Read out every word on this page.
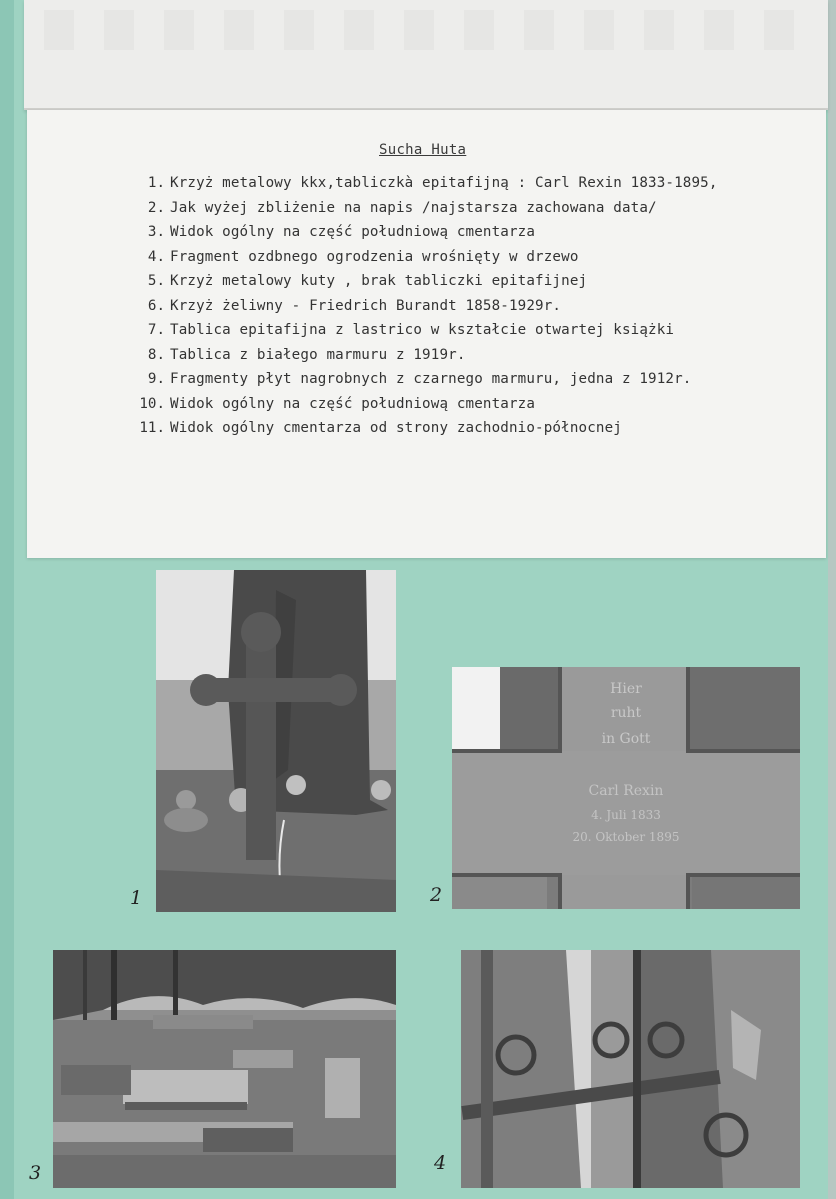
Sucha Huta
1. Krzyż metalowy kkx,tabliczkà epitafijną : Carl Rexin 1833-1895,
2. Jak wyżej zbliżenie na napis /najstarsza zachowana data/
3. Widok ogólny na część południową cmentarza
4. Fragment ozdbnego ogrodzenia wrośnięty w drzewo
5. Krzyż metalowy kuty , brak tabliczki epitafijnej
6. Krzyż żeliwny - Friedrich Burandt 1858-1929r.
7. Tablica epitafijna z lastrico w kształcie otwartej książki
8. Tablica z białego marmuru z 1919r.
9. Fragmenty płyt nagrobnych z czarnego marmuru, jedna z 1912r.
10. Widok ogólny na część południową cmentarza
11. Widok ogólny cmentarza od strony zachodnio-północnej
1
Hier
ruht
in Gott
Carl Rexin
4. Juli 1833
20. Oktober 1895
2
3	4
